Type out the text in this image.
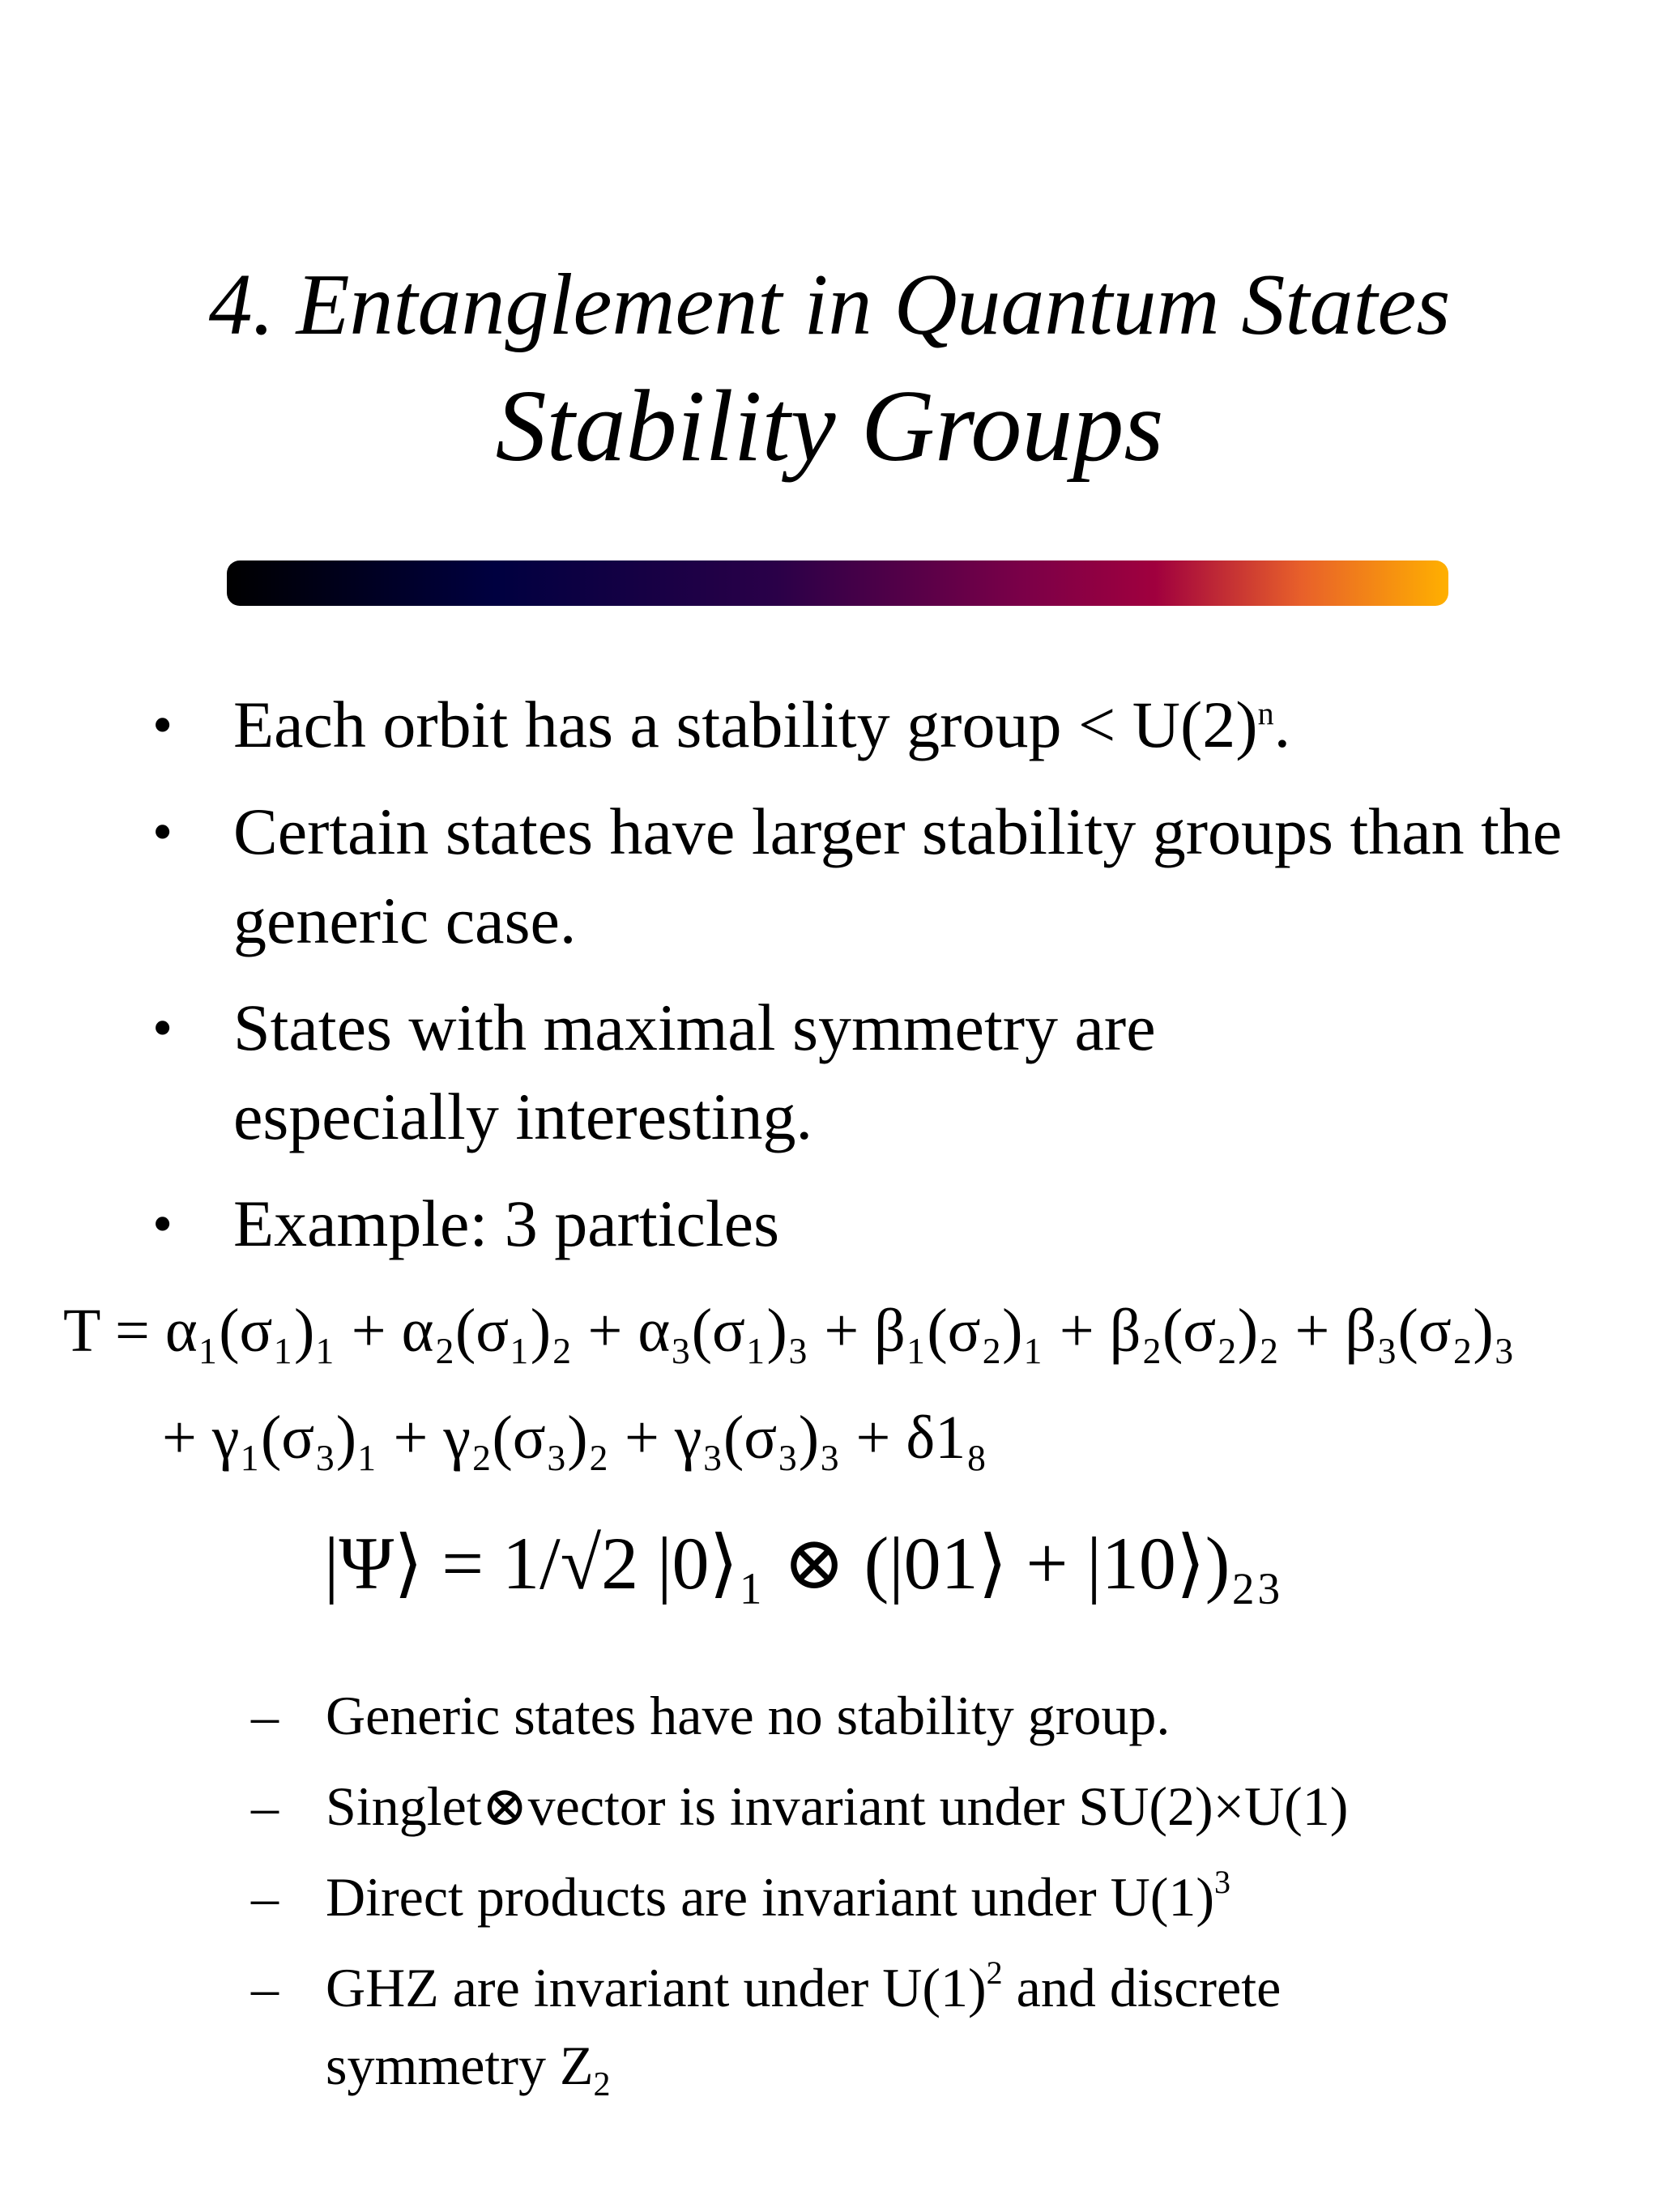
4. Entanglement in Quantum States
Stability Groups
• Each orbit has a stability group < $U(2)^n$.
• Certain states have larger stability groups than the generic case.
• States with maximal symmetry are especially interesting.
• Example: 3 particles
T = α₁(σ₁)₁ + α₂(σ₁)₂ + α₃(σ₁)₃ + β₁(σ₂)₁ + β₂(σ₂)₂ + β₃(σ₂)₃
+ γ₁(σ₃)₁ + γ₂(σ₃)₂ + γ₃(σ₃)₃ + δ1₈
|Ψ⟩ = 1/√2 |0⟩₁ ⊗ (|01⟩ + |10⟩)₂₃
– Generic states have no stability group.
– Singlet⊗vector is invariant under SU(2)×U(1)
– Direct products are invariant under $U(1)^3$
– GHZ are invariant under $U(1)^2$ and discrete symmetry $Z_2$
